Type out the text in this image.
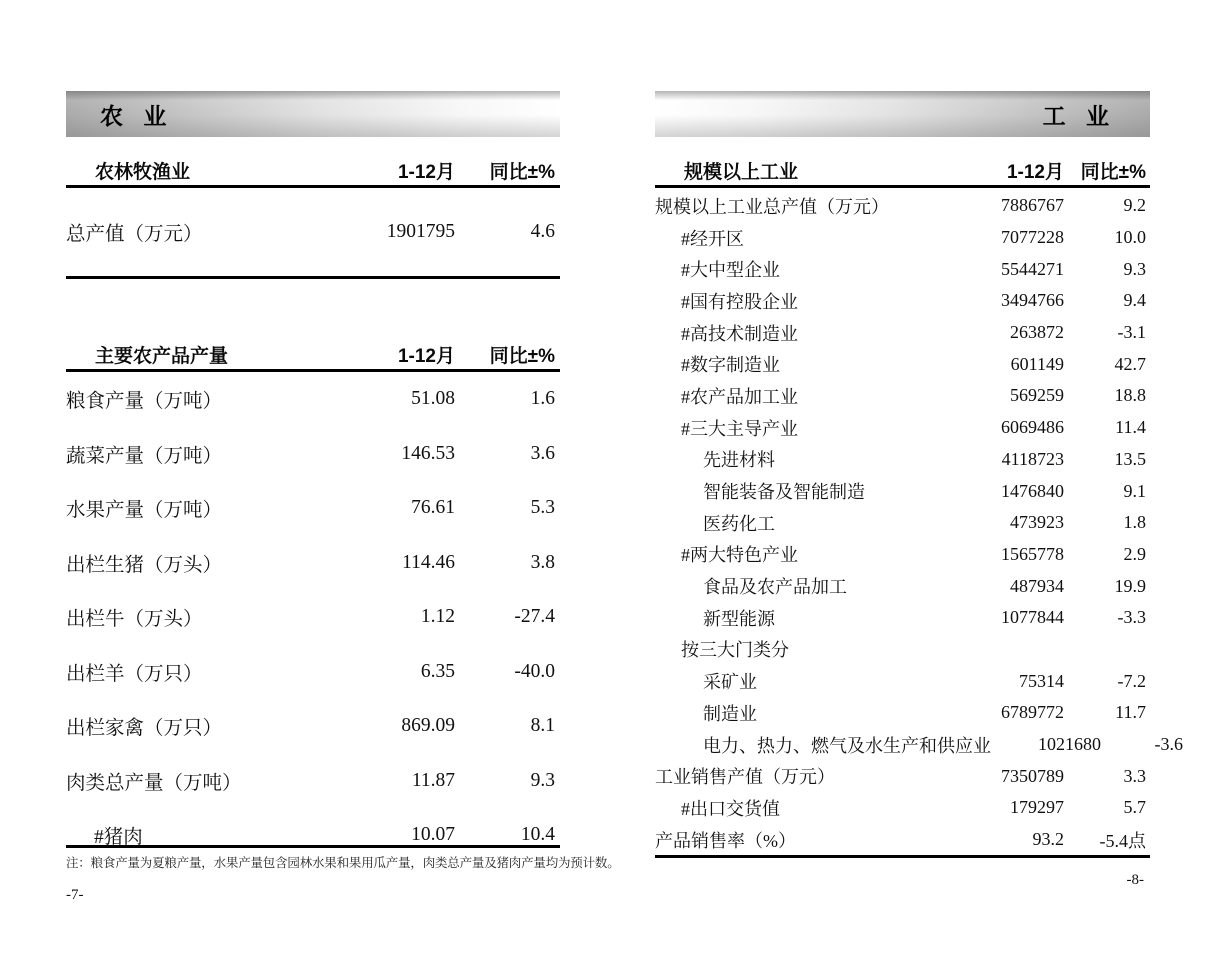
农 业
农林牧渔业	1-12月	同比±%
总产值（万元）	1901795	4.6
主要农产品产量	1-12月	同比±%
粮食产量（万吨）	51.08	1.6
蔬菜产量（万吨）	146.53	3.6
水果产量（万吨）	76.61	5.3
出栏生猪（万头）	114.46	3.8
出栏牛（万头）	1.12	-27.4
出栏羊（万只）	6.35	-40.0
出栏家禽（万只）	869.09	8.1
肉类总产量（万吨）	11.87	9.3
#猪肉	10.07	10.4

注：粮食产量为夏粮产量，水果产量包含园林水果和果用瓜产量，肉类总产量及猪肉产量均为预计数。

-7-

工 业
规模以上工业	1-12月 同比±%
规模以上工业总产值（万元）	7886767	9.2
#经开区	7077228	10.0
#大中型企业	5544271	9.3
#国有控股企业	3494766	9.4
#高技术制造业	263872	-3.1
#数字制造业	601149	42.7
#农产品加工业	569259	18.8
#三大主导产业	6069486	11.4
先进材料	4118723	13.5
智能装备及智能制造	1476840	9.1
医药化工	473923	1.8
#两大特色产业	1565778	2.9
食品及农产品加工	487934	19.9
新型能源	1077844	-3.3
按三大门类分
采矿业	75314	-7.2
制造业	6789772	11.7
电力、热力、燃气及水生产和供应业	1021680	-3.6
工业销售产值（万元）	7350789	3.3
#出口交货值	179297	5.7
产品销售率（%）	93.2	-5.4点

-8-
